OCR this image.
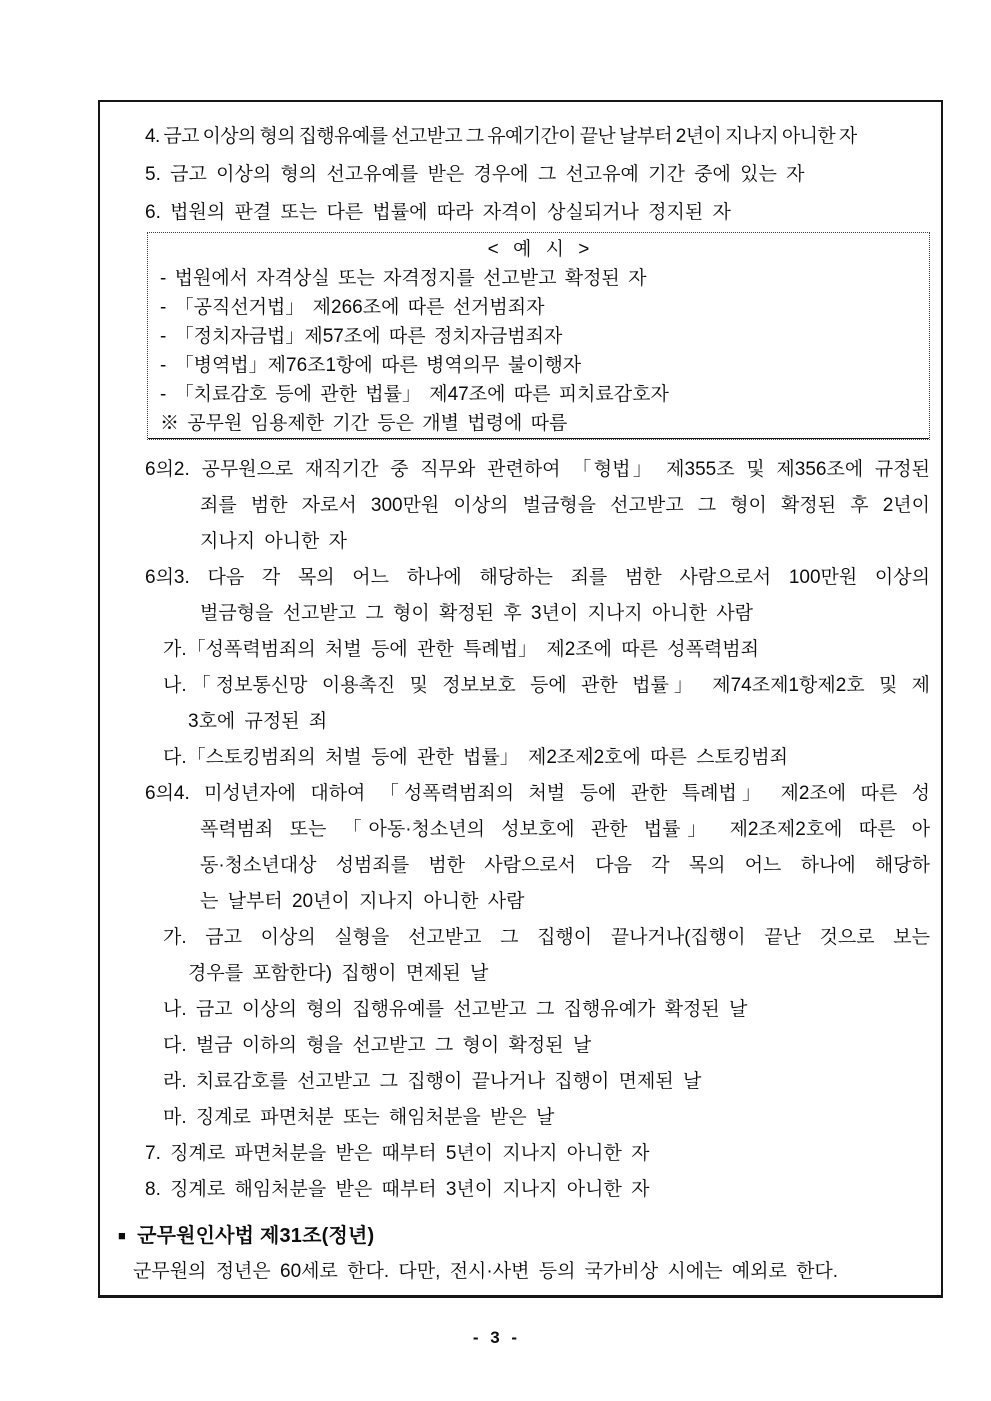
4. 금고 이상의 형의 집행유예를 선고받고 그 유예기간이 끝난 날부터 2년이 지나지 아니한 자
5. 금고 이상의 형의 선고유예를 받은 경우에 그 선고유예 기간 중에 있는 자
6. 법원의 판결 또는 다른 법률에 따라 자격이 상실되거나 정지된 자
< 예 시 >
- 법원에서 자격상실 또는 자격정지를 선고받고 확정된 자
- 「공직선거법」 제266조에 따른 선거범죄자
- 「정치자금법」제57조에 따른 정치자금범죄자
- 「병역법」제76조1항에 따른 병역의무 불이행자
- 「치료감호 등에 관한 법률」 제47조에 따른 피치료감호자
※ 공무원 임용제한 기간 등은 개별 법령에 따름
6의2. 공무원으로 재직기간 중 직무와 관련하여 「형법」 제355조 및 제356조에 규정된
죄를 범한 자로서 300만원 이상의 벌금형을 선고받고 그 형이 확정된 후 2년이
지나지 아니한 자
6의3. 다음 각 목의 어느 하나에 해당하는 죄를 범한 사람으로서 100만원 이상의
벌금형을 선고받고 그 형이 확정된 후 3년이 지나지 아니한 사람
가.「성폭력범죄의 처벌 등에 관한 특례법」 제2조에 따른 성폭력범죄
나.「정보통신망 이용촉진 및 정보보호 등에 관한 법률」 제74조제1항제2호 및 제
3호에 규정된 죄
다.「스토킹범죄의 처벌 등에 관한 법률」 제2조제2호에 따른 스토킹범죄
6의4. 미성년자에 대하여 「성폭력범죄의 처벌 등에 관한 특례법」 제2조에 따른 성
폭력범죄 또는 「아동·청소년의 성보호에 관한 법률」 제2조제2호에 따른 아
동·청소년대상 성범죄를 범한 사람으로서 다음 각 목의 어느 하나에 해당하
는 날부터 20년이 지나지 아니한 사람
가. 금고 이상의 실형을 선고받고 그 집행이 끝나거나(집행이 끝난 것으로 보는
경우를 포함한다) 집행이 면제된 날
나. 금고 이상의 형의 집행유예를 선고받고 그 집행유예가 확정된 날
다. 벌금 이하의 형을 선고받고 그 형이 확정된 날
라. 치료감호를 선고받고 그 집행이 끝나거나 집행이 면제된 날
마. 징계로 파면처분 또는 해임처분을 받은 날
7. 징계로 파면처분을 받은 때부터 5년이 지나지 아니한 자
8. 징계로 해임처분을 받은 때부터 3년이 지나지 아니한 자
■ 군무원인사법 제31조(정년)
군무원의 정년은 60세로 한다. 다만, 전시·사변 등의 국가비상 시에는 예외로 한다.
- 3 -
